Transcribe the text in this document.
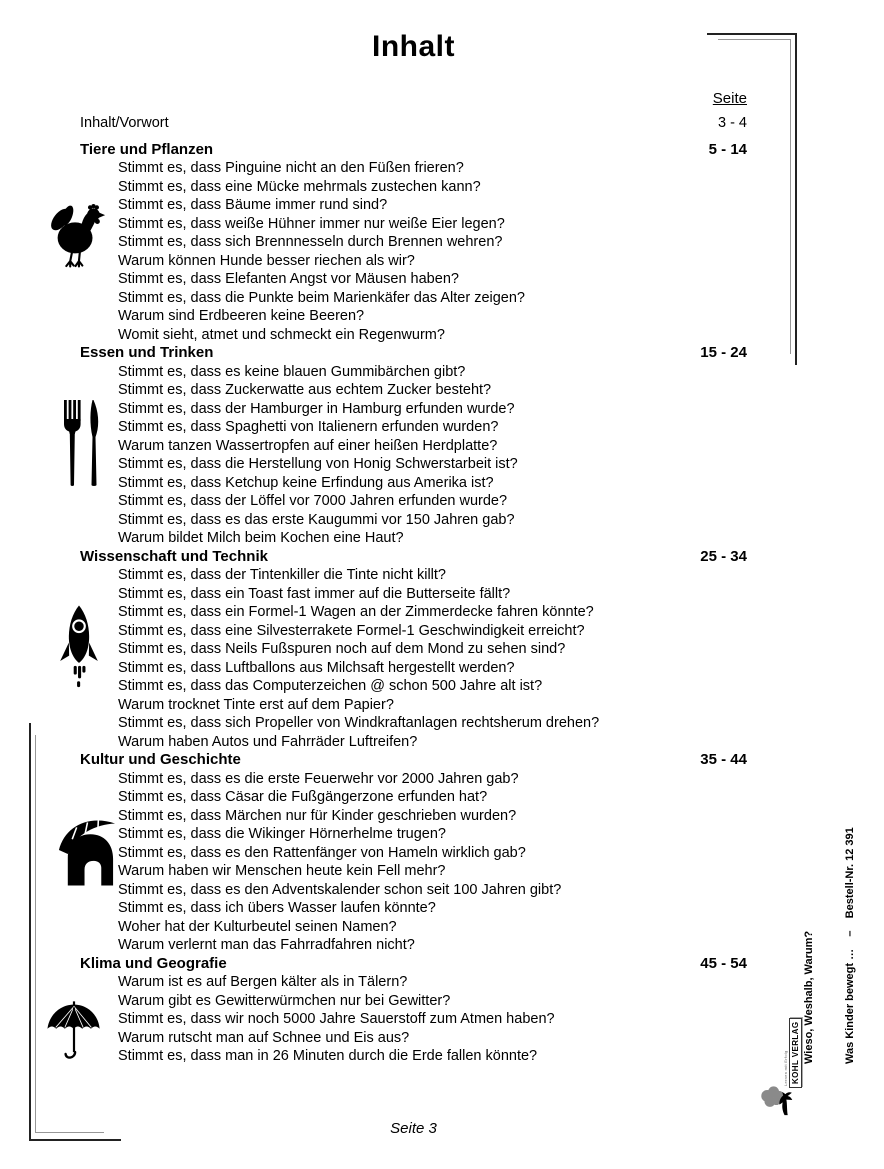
Inhalt
Seite
Inhalt/Vorwort	3 - 4
Tiere und Pflanzen	5 - 14
Stimmt es, dass Pinguine nicht an den Füßen frieren?
Stimmt es, dass eine Mücke mehrmals zustechen kann?
Stimmt es, dass Bäume immer rund sind?
Stimmt es, dass weiße Hühner immer nur weiße Eier legen?
Stimmt es, dass sich Brennnesseln durch Brennen wehren?
Warum können Hunde besser riechen als wir?
Stimmt es, dass Elefanten Angst vor Mäusen haben?
Stimmt es, dass die Punkte beim Marienkäfer das Alter zeigen?
Warum sind Erdbeeren keine Beeren?
Womit sieht, atmet und schmeckt ein Regenwurm?
Essen und Trinken	15 - 24
Stimmt es, dass es keine blauen Gummibärchen gibt?
Stimmt es, dass Zuckerwatte aus echtem Zucker besteht?
Stimmt es, dass der Hamburger in Hamburg erfunden wurde?
Stimmt es, dass Spaghetti von Italienern erfunden wurden?
Warum tanzen Wassertropfen auf einer heißen Herdplatte?
Stimmt es, dass die Herstellung von Honig Schwerstarbeit ist?
Stimmt es, dass Ketchup keine Erfindung aus Amerika ist?
Stimmt es, dass der Löffel vor 7000 Jahren erfunden wurde?
Stimmt es, dass es das erste Kaugummi vor 150 Jahren gab?
Warum bildet Milch beim Kochen eine Haut?
Wissenschaft und Technik	25 - 34
Stimmt es, dass der Tintenkiller die Tinte nicht killt?
Stimmt es, dass ein Toast fast immer auf die Butterseite fällt?
Stimmt es, dass ein Formel-1 Wagen an der Zimmerdecke fahren könnte?
Stimmt es, dass eine Silvesterrakete Formel-1 Geschwindigkeit erreicht?
Stimmt es, dass Neils Fußspuren noch auf dem Mond zu sehen sind?
Stimmt es, dass Luftballons aus Milchsaft hergestellt werden?
Stimmt es, dass das Computerzeichen @ schon 500 Jahre alt ist?
Warum trocknet Tinte erst auf dem Papier?
Stimmt es, dass sich Propeller von Windkraftanlagen rechtsherum drehen?
Warum haben Autos und Fahrräder Luftreifen?
Kultur und Geschichte	35 - 44
Stimmt es, dass es die erste Feuerwehr vor 2000 Jahren gab?
Stimmt es, dass Cäsar die Fußgängerzone erfunden hat?
Stimmt es, dass Märchen nur für Kinder geschrieben wurden?
Stimmt es, dass die Wikinger Hörnerhelme trugen?
Stimmt es, dass es den Rattenfänger von Hameln wirklich gab?
Warum haben wir Menschen heute kein Fell mehr?
Stimmt es, dass es den Adventskalender schon seit 100 Jahren gibt?
Stimmt es, dass ich übers Wasser laufen könnte?
Woher hat der Kulturbeutel seinen Namen?
Warum verlernt man das Fahrradfahren nicht?
Klima und Geografie	45 - 54
Warum ist es auf Bergen kälter als in Tälern?
Warum gibt es Gewitterwürmchen nur bei Gewitter?
Stimmt es, dass wir noch 5000 Jahre Sauerstoff zum Atmen haben?
Warum rutscht man auf Schnee und Eis aus?
Stimmt es, dass man in 26 Minuten durch die Erde fallen könnte?

	Wieso, Weshalb, Warum?

	Was Kinder bewegt …    –    Bestell-Nr. 12 391

Lernen mit Erfolg KOHL VERLAG
Seite 3
